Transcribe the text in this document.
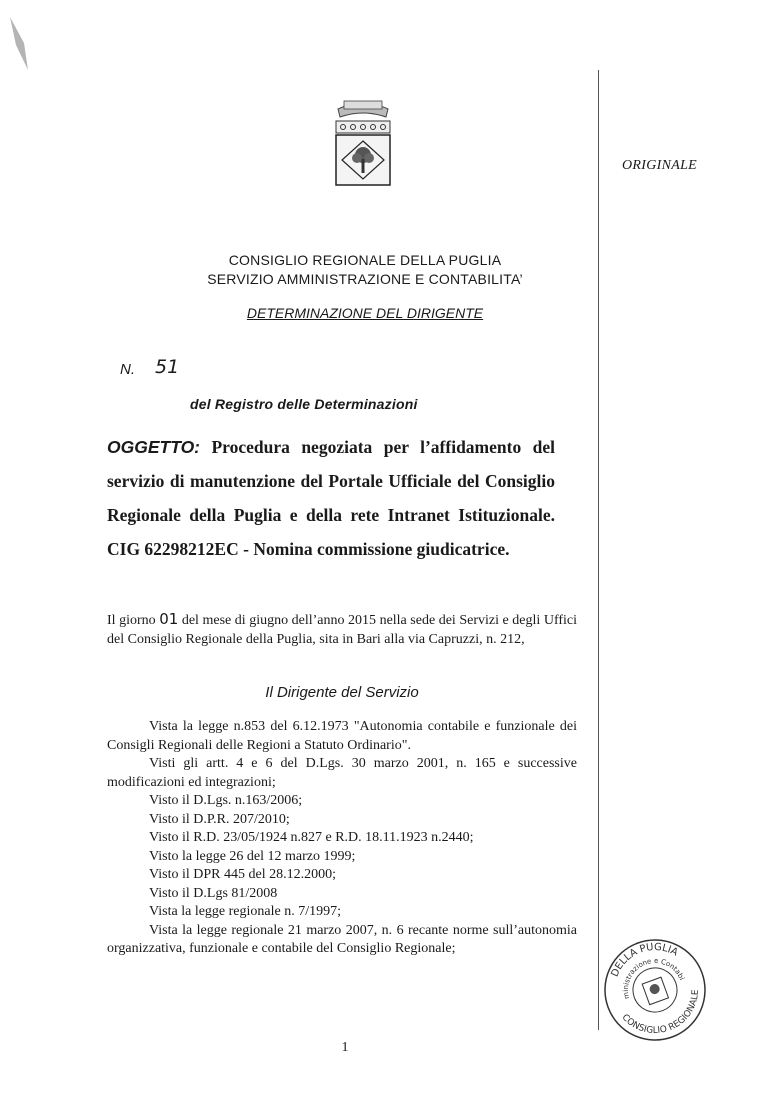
ORIGINALE
CONSIGLIO REGIONALE DELLA PUGLIA
SERVIZIO AMMINISTRAZIONE E CONTABILITA’
DETERMINAZIONE DEL DIRIGENTE
N. 51
del Registro delle Determinazioni
OGGETTO: Procedura negoziata per l’affidamento del servizio di manutenzione del Portale Ufficiale del Consiglio Regionale della Puglia e della rete Intranet Istituzionale. CIG 62298212EC - Nomina commissione giudicatrice.
Il giorno 01 del mese di giugno dell’anno 2015 nella sede dei Servizi e degli Uffici del Consiglio Regionale della Puglia, sita in Bari alla via Capruzzi, n. 212,
Il Dirigente del Servizio

Vista la legge n.853 del 6.12.1973 "Autonomia contabile e funzionale dei Consigli Regionali delle Regioni a Statuto Ordinario".

Visti gli artt. 4 e 6 del D.Lgs. 30 marzo 2001, n. 165 e successive modificazioni ed integrazioni;

Visto il D.Lgs. n.163/2006;

Visto il D.P.R. 207/2010;

Visto il R.D. 23/05/1924 n.827 e R.D. 18.11.1923 n.2440;

Visto la legge 26 del 12 marzo 1999;

Visto il DPR 445 del 28.12.2000;

Visto il D.Lgs 81/2008

Vista la legge regionale n. 7/1997;

Vista la legge regionale 21 marzo 2007, n. 6 recante norme sull’autonomia organizzativa, funzionale e contabile del Consiglio Regionale;

1
DELLA PUGLIA
Amministrazione e Contabilità
CONSIGLIO REGIONALE
